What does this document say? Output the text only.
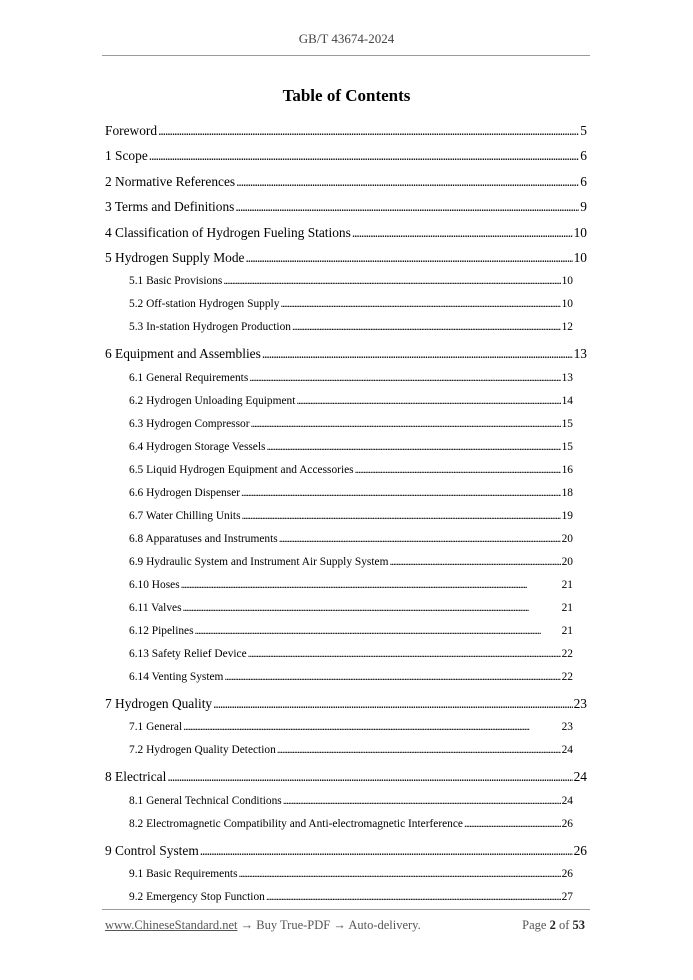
GB/T 43674-2024
Table of Contents
Foreword . . .	5
1 Scope . . .	6
2 Normative References . . .	6
3 Terms and Definitions . . .	9
4 Classification of Hydrogen Fueling Stations . . .	10
5 Hydrogen Supply Mode . . .	10
5.1 Basic Provisions . . .	10
5.2 Off-station Hydrogen Supply . . .	10
5.3 In-station Hydrogen Production . . .	12
6 Equipment and Assemblies . . .	13
6.1 General Requirements . . .	13
6.2 Hydrogen Unloading Equipment . . .	14
6.3 Hydrogen Compressor . . .	15
6.4 Hydrogen Storage Vessels . . .	15
6.5 Liquid Hydrogen Equipment and Accessories . . .	16
6.6 Hydrogen Dispenser . . .	18
6.7 Water Chilling Units . . .	19
6.8 Apparatuses and Instruments . . .	20
6.9 Hydraulic System and Instrument Air Supply System . . .	20
6.10 Hoses . . .	21
6.11 Valves . . .	21
6.12 Pipelines . . .	21
6.13 Safety Relief Device . . .	22
6.14 Venting System . . .	22
7 Hydrogen Quality . . .	23
7.1 General . . .	23
7.2 Hydrogen Quality Detection . . .	24
8 Electrical . . .	24
8.1 General Technical Conditions . . .	24
8.2 Electromagnetic Compatibility and Anti-electromagnetic Interference . . .	26
9 Control System . . .	26
9.1 Basic Requirements . . .	26
9.2 Emergency Stop Function . . .	27
www.ChineseStandard.net → Buy True-PDF → Auto-delivery.	Page 2 of 53
